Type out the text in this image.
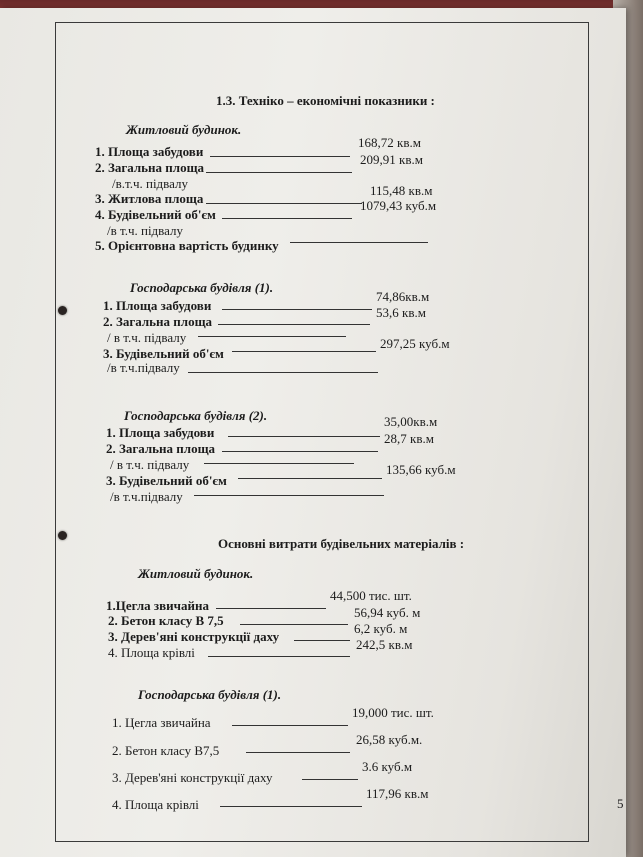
1.3. Техніко – економічні показники :
Житловий будинок.
1. Площа забудови
168,72 кв.м
2. Загальна площа
209,91 кв.м
/в.т.ч. підвалу
3. Житлова площа
115,48 кв.м
4. Будівельний об'єм
1079,43 куб.м
/в т.ч. підвалу
5. Орієнтовна вартість будинку
Господарська будівля (1).
1. Площа забудови
74,86кв.м
2. Загальна площа
53,6 кв.м
/ в т.ч. підвалу
3. Будівельний об'єм
297,25 куб.м
/в т.ч.підвалу
Господарська будівля (2).
1. Площа забудови
35,00кв.м
2. Загальна площа
28,7 кв.м
/ в т.ч. підвалу
3. Будівельний об'єм
135,66 куб.м
/в т.ч.підвалу
Основні витрати будівельних матеріалів :
Житловий будинок.
1.Цегла звичайна
44,500 тис. шт.
2. Бетон класу В 7,5
56,94 куб. м
3. Дерев'яні конструкції даху
6,2 куб. м
4. Площа крівлі
242,5 кв.м
Господарська будівля (1).
1. Цегла звичайна
19,000 тис. шт.
2. Бетон класу В7,5
26,58 куб.м.
3. Дерев'яні конструкції даху
3.6 куб.м
4. Площа крівлі
117,96 кв.м
5
